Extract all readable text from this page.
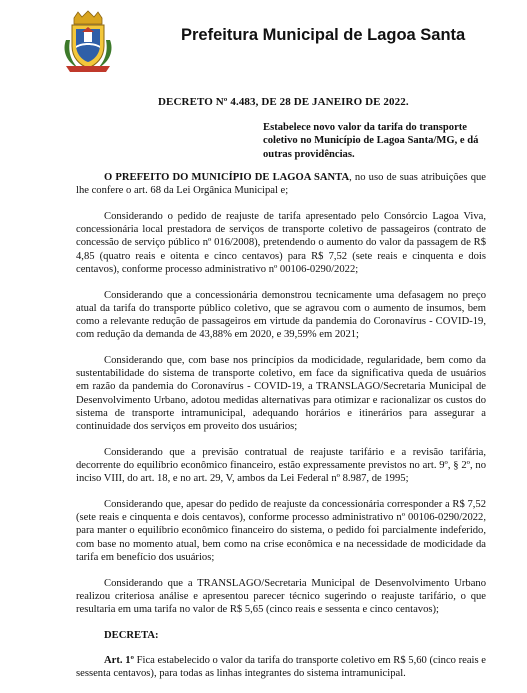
Prefeitura Municipal de Lagoa Santa
DECRETO Nº 4.483, DE 28 DE JANEIRO DE 2022.
Estabelece novo valor da tarifa do transporte coletivo no Município de Lagoa Santa/MG, e dá outras providências.

O PREFEITO DO MUNICÍPIO DE LAGOA SANTA, no uso de suas atribuições que lhe confere o art. 68 da Lei Orgânica Municipal e;

Considerando o pedido de reajuste de tarifa apresentado pelo Consórcio Lagoa Viva, concessionária local prestadora de serviços de transporte coletivo de passageiros (contrato de concessão de serviço público nº 016/2008), pretendendo o aumento do valor da passagem de R$ 4,85 (quatro reais e oitenta e cinco centavos) para R$ 7,52 (sete reais e cinquenta e dois centavos), conforme processo administrativo nº 00106-0290/2022;

Considerando que a concessionária demonstrou tecnicamente uma defasagem no preço atual da tarifa do transporte público coletivo, que se agravou com o aumento de insumos, bem como a relevante redução de passageiros em virtude da pandemia do Coronavírus - COVID-19, com redução da demanda de 43,88% em 2020, e 39,59% em 2021;

Considerando que, com base nos princípios da modicidade, regularidade, bem como da sustentabilidade do sistema de transporte coletivo, em face da significativa queda de usuários em razão da pandemia do Coronavírus - COVID-19, a TRANSLAGO/Secretaria Municipal de Desenvolvimento Urbano, adotou medidas alternativas para otimizar e racionalizar os custos do sistema de transporte intramunicipal, adequando horários e itinerários para assegurar a continuidade dos serviços em proveito dos usuários;

Considerando que a previsão contratual de reajuste tarifário e a revisão tarifária, decorrente do equilíbrio econômico financeiro, estão expressamente previstos no art. 9º, § 2º, no inciso VIII, do art. 18, e no art. 29, V, ambos da Lei Federal nº 8.987, de 1995;

Considerando que, apesar do pedido de reajuste da concessionária corresponder a R$ 7,52 (sete reais e cinquenta e dois centavos), conforme processo administrativo nº 00106-0290/2022, para manter o equilíbrio econômico financeiro do sistema, o pedido foi parcialmente indeferido, com base no momento atual, bem como na crise econômica e na necessidade de modicidade da tarifa em benefício dos usuários;

Considerando que a TRANSLAGO/Secretaria Municipal de Desenvolvimento Urbano realizou criteriosa análise e apresentou parecer técnico sugerindo o reajuste tarifário, o que resultaria em uma tarifa no valor de R$ 5,65 (cinco reais e sessenta e cinco centavos);

DECRETA:

Art. 1º Fica estabelecido o valor da tarifa do transporte coletivo em R$ 5,60 (cinco reais e sessenta centavos), para todas as linhas integrantes do sistema intramunicipal.
